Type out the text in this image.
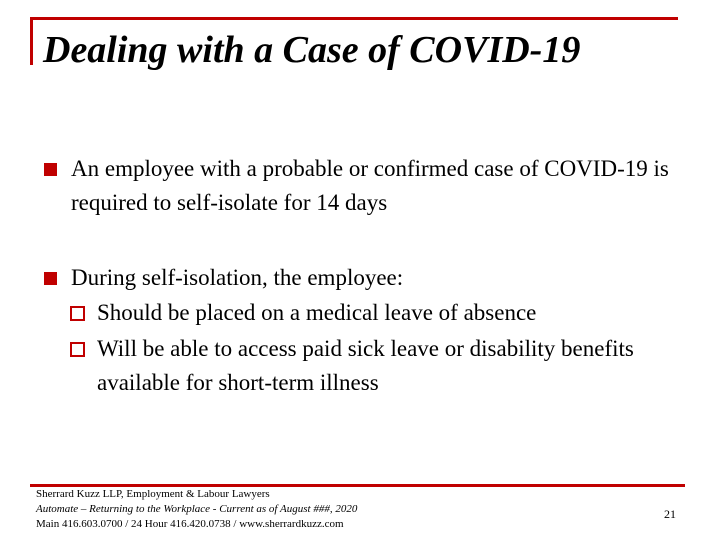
Dealing with a Case of COVID-19
An employee with a probable or confirmed case of COVID-19 is required to self-isolate for 14 days
During self-isolation, the employee:
Should be placed on a medical leave of absence
Will be able to access paid sick leave or disability benefits available for short-term illness
Sherrard Kuzz LLP, Employment & Labour Lawyers
Automate – Returning to the Workplace - Current as of August ###, 2020
Main 416.603.0700 / 24 Hour 416.420.0738 / www.sherrardkuzz.com
21
